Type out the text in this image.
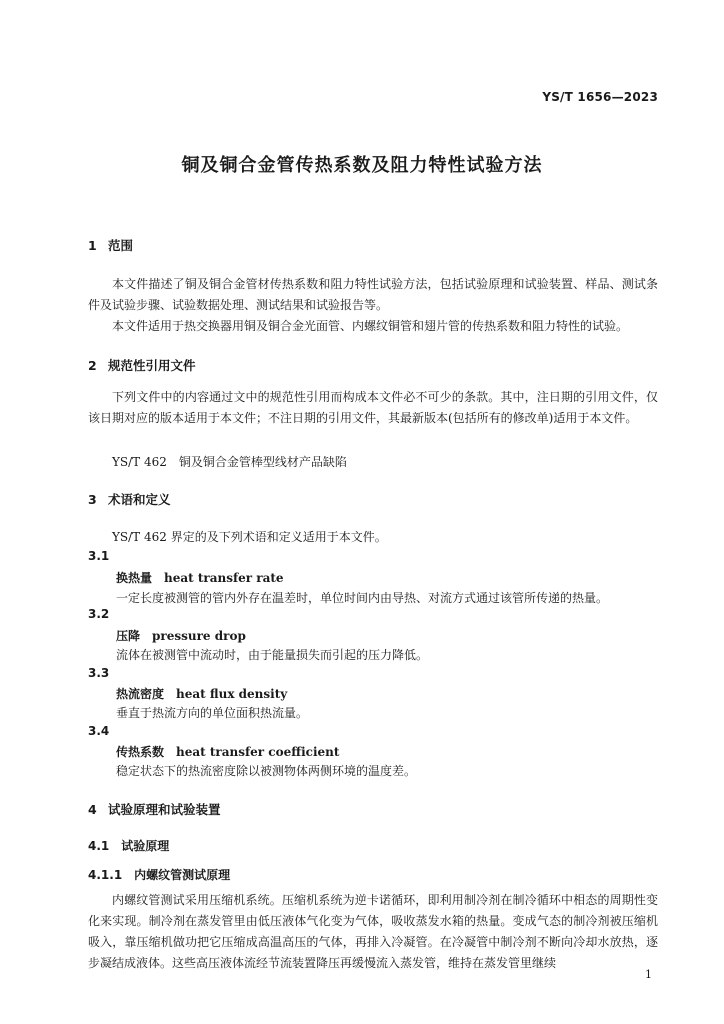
YS/T 1656—2023
铜及铜合金管传热系数及阻力特性试验方法
1 范围
本文件描述了铜及铜合金管材传热系数和阻力特性试验方法，包括试验原理和试验装置、样品、测试条件及试验步骤、试验数据处理、测试结果和试验报告等。
本文件适用于热交换器用铜及铜合金光面管、内螺纹铜管和翅片管的传热系数和阻力特性的试验。
2 规范性引用文件
下列文件中的内容通过文中的规范性引用而构成本文件必不可少的条款。其中，注日期的引用文件，仅该日期对应的版本适用于本文件；不注日期的引用文件，其最新版本(包括所有的修改单)适用于本文件。
YS/T 462　铜及铜合金管棒型线材产品缺陷
3 术语和定义
YS/T 462 界定的及下列术语和定义适用于本文件。
3.1
换热量 heat transfer rate
一定长度被测管的管内外存在温差时，单位时间内由导热、对流方式通过该管所传递的热量。
3.2
压降 pressure drop
流体在被测管中流动时，由于能量损失而引起的压力降低。
3.3
热流密度 heat flux density
垂直于热流方向的单位面积热流量。
3.4
传热系数 heat transfer coefficient
稳定状态下的热流密度除以被测物体两侧环境的温度差。
4 试验原理和试验装置
4.1 试验原理
4.1.1 内螺纹管测试原理
内螺纹管测试采用压缩机系统。压缩机系统为逆卡诺循环，即利用制冷剂在制冷循环中相态的周期性变化来实现。制冷剂在蒸发管里由低压液体气化变为气体，吸收蒸发水箱的热量。变成气态的制冷剂被压缩机吸入，靠压缩机做功把它压缩成高温高压的气体，再排入冷凝管。在冷凝管中制冷剂不断向冷却水放热，逐步凝结成液体。这些高压液体流经节流装置降压再缓慢流入蒸发管，维持在蒸发管里继续
1
